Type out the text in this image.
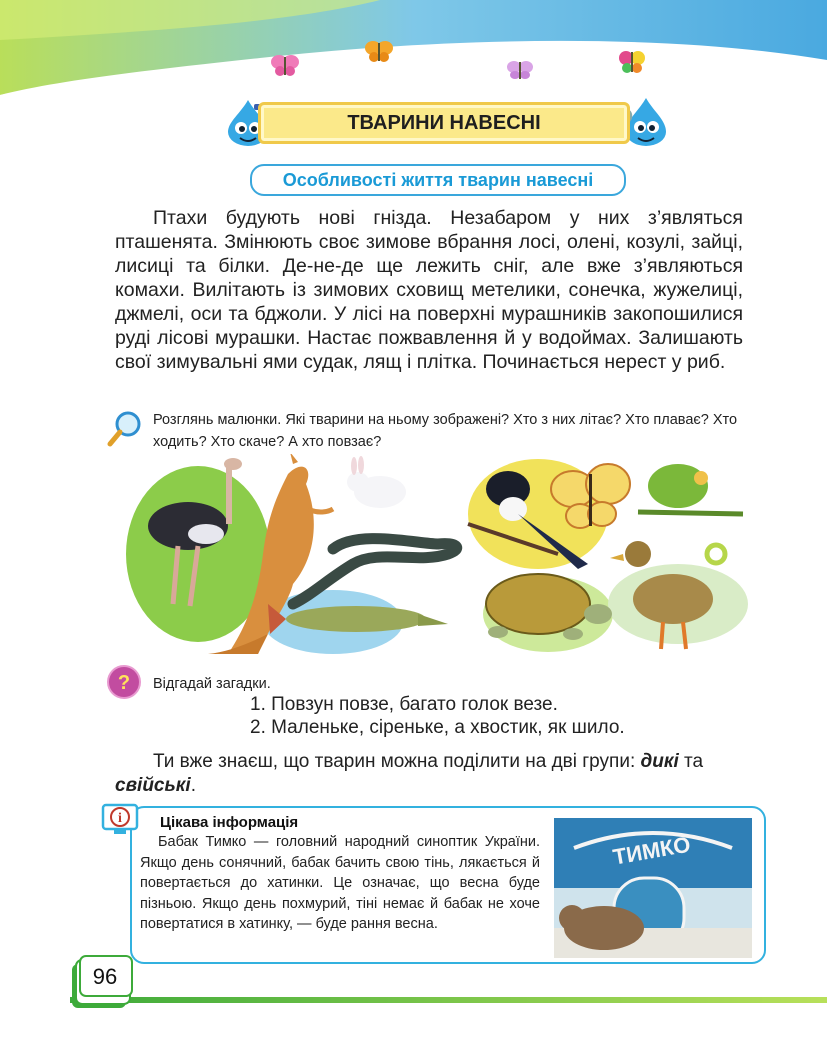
ТВАРИНИ НАВЕСНІ
Особливості життя тварин навесні
Птахи будують нові гнізда. Незабаром у них з’являться пташенята. Змінюють своє зимове вбрання лосі, олені, козулі, зайці, лисиці та білки. Де-не-де ще лежить сніг, але вже з’являються комахи. Вилітають із зимових сховищ метелики, сонечка, жужелиці, джмелі, оси та бджоли. У лісі на поверхні мурашників закопошилися руді лісові мурашки. Настає пожвавлення й у водоймах. Залишають свої зимувальні ями судак, лящ і плітка. Починається нерест у риб.
Розглянь малюнки. Які тварини на ньому зображені? Хто з них літає? Хто плаває? Хто ходить? Хто скаче? А хто повзає?
? Відгадай загадки.
1. Повзун повзе, багато голок везе.
2. Маленьке, сіреньке, а хвостик, як шило.
Ти вже знаєш, що тварин можна поділити на дві групи: дикі та
свійські.
i	Цікава інформація
Бабак Тимко — головний народний синоптик України. Якщо день сонячний, бабак бачить свою тінь, лякається й повертається до хатинки. Це означає, що весна буде пізньою. Якщо день похмурий, тіні немає й бабак не хоче повертатися в хатинку, — буде рання весна.
ТИМКО
96
